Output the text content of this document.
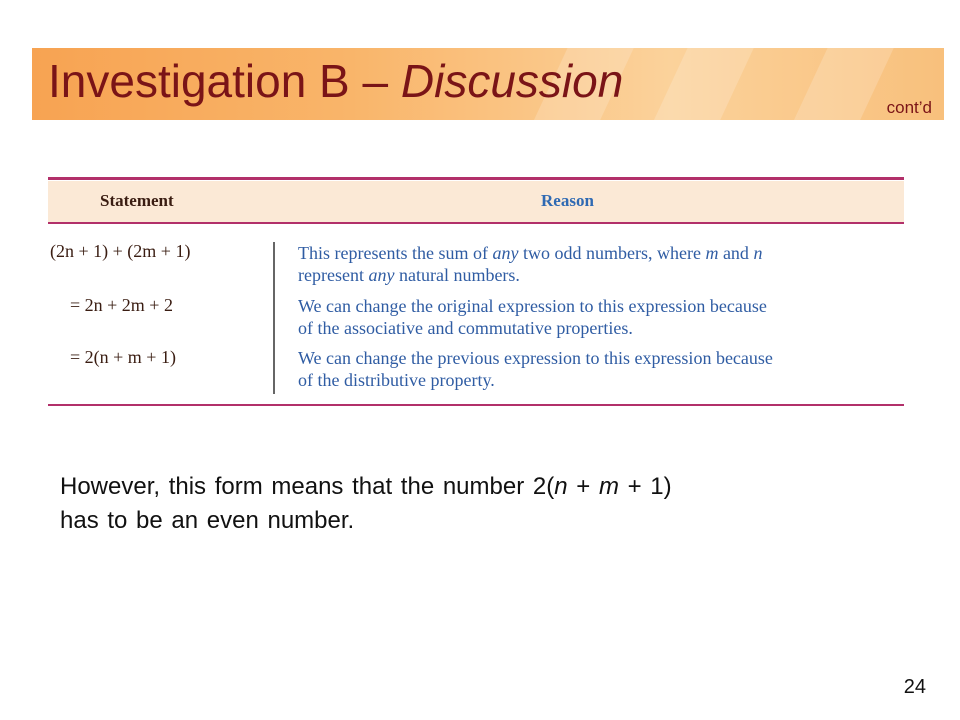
Investigation B – Discussion
cont’d
Statement	Reason
(2n + 1) + (2m + 1)
= 2n + 2m + 2
= 2(n + m + 1)
This represents the sum of any two odd numbers, where m and n
represent any natural numbers.
We can change the original expression to this expression because
of the associative and commutative properties.
We can change the previous expression to this expression because
of the distributive property.
However, this form means that the number 2(n + m + 1)
has to be an even number.
24
